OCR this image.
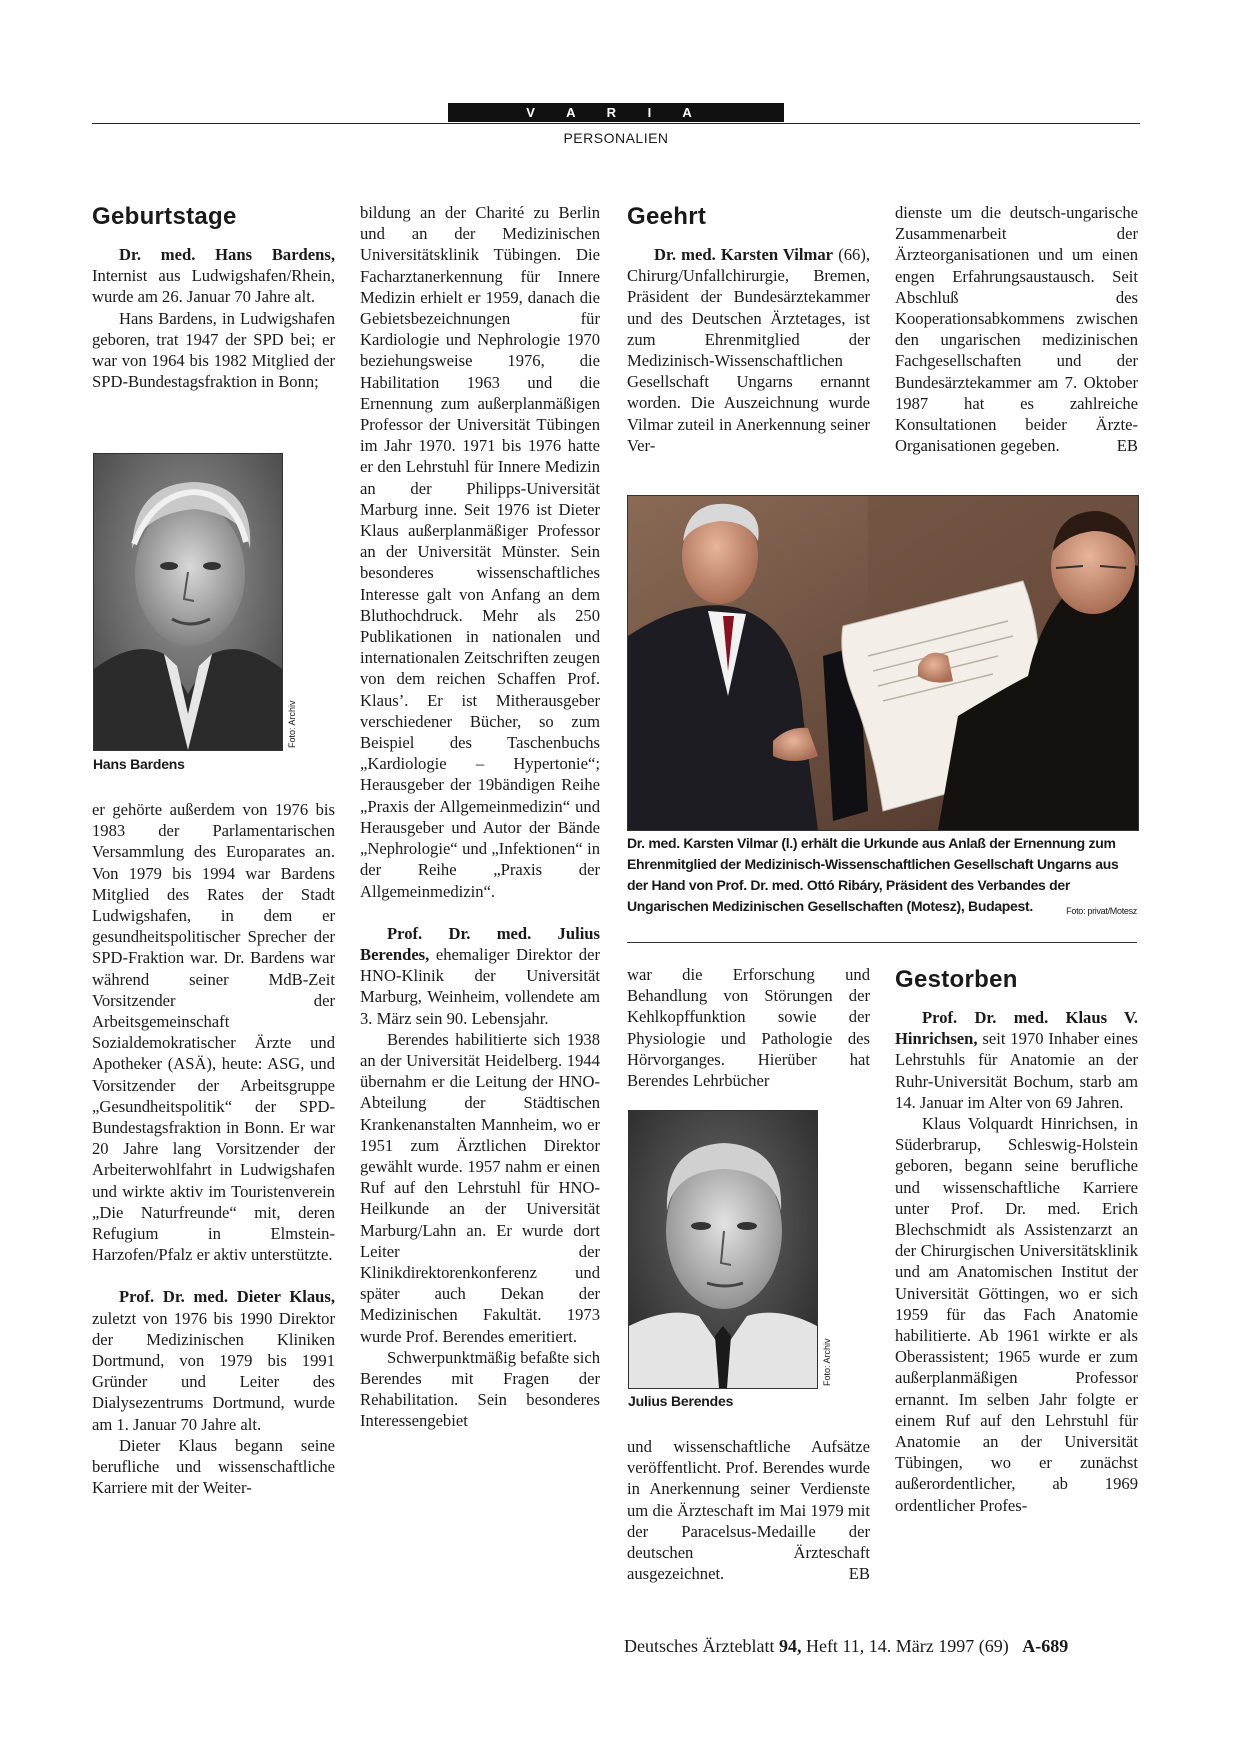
V A R I A
PERSONALIEN
Geburtstage

Dr. med. Hans Bardens, Internist aus Ludwigshafen/Rhein, wurde am 26. Januar 70 Jahre alt.

Hans Bardens, in Ludwigshafen geboren, trat 1947 der SPD bei; er war von 1964 bis 1982 Mitglied der SPD-Bundestagsfraktion in Bonn;

Foto: Archiv
Hans Bardens

er gehörte außerdem von 1976 bis 1983 der Parlamentarischen Versammlung des Europarates an. Von 1979 bis 1994 war Bardens Mitglied des Rates der Stadt Ludwigshafen, in dem er gesundheitspolitischer Sprecher der SPD-Fraktion war. Dr. Bardens war während seiner MdB-Zeit Vorsitzender der Arbeitsgemeinschaft Sozialdemokratischer Ärzte und Apotheker (ASÄ), heute: ASG, und Vorsitzender der Arbeitsgruppe „Gesundheitspolitik“ der SPD-Bundestagsfraktion in Bonn. Er war 20 Jahre lang Vorsitzender der Arbeiterwohlfahrt in Ludwigshafen und wirkte aktiv im Touristenverein „Die Naturfreunde“ mit, deren Refugium in Elmstein-Harzofen/Pfalz er aktiv unterstützte.

Prof. Dr. med. Dieter Klaus, zuletzt von 1976 bis 1990 Direktor der Medizinischen Kliniken Dortmund, von 1979 bis 1991 Gründer und Leiter des Dialysezentrums Dortmund, wurde am 1. Januar 70 Jahre alt.

Dieter Klaus begann seine berufliche und wissenschaftliche Karriere mit der Weiter-

bildung an der Charité zu Berlin und an der Medizinischen Universitätsklinik Tübingen. Die Facharztanerkennung für Innere Medizin erhielt er 1959, danach die Gebietsbezeichnungen für Kardiologie und Nephrologie 1970 beziehungsweise 1976, die Habilitation 1963 und die Ernennung zum außerplanmäßigen Professor der Universität Tübingen im Jahr 1970. 1971 bis 1976 hatte er den Lehrstuhl für Innere Medizin an der Philipps-Universität Marburg inne. Seit 1976 ist Dieter Klaus außerplanmäßiger Professor an der Universität Münster. Sein besonderes wissenschaftliches Interesse galt von Anfang an dem Bluthochdruck. Mehr als 250 Publikationen in nationalen und internationalen Zeitschriften zeugen von dem reichen Schaffen Prof. Klaus’. Er ist Mitherausgeber verschiedener Bücher, so zum Beispiel des Taschenbuchs „Kardiologie – Hypertonie“; Herausgeber der 19bändigen Reihe „Praxis der Allgemeinmedizin“ und Herausgeber und Autor der Bände „Nephrologie“ und „Infektionen“ in der Reihe „Praxis der Allgemeinmedizin“.

Prof. Dr. med. Julius Berendes, ehemaliger Direktor der HNO-Klinik der Universität Marburg, Weinheim, vollendete am 3. März sein 90. Lebensjahr.

Berendes habilitierte sich 1938 an der Universität Heidelberg. 1944 übernahm er die Leitung der HNO-Abteilung der Städtischen Krankenanstalten Mannheim, wo er 1951 zum Ärztlichen Direktor gewählt wurde. 1957 nahm er einen Ruf auf den Lehrstuhl für HNO-Heilkunde an der Universität Marburg/Lahn an. Er wurde dort Leiter der Klinikdirektorenkonferenz und später auch Dekan der Medizinischen Fakultät. 1973 wurde Prof. Berendes emeritiert.

Schwerpunktmäßig befaßte sich Berendes mit Fragen der Rehabilitation. Sein besonderes Interessengebiet

Geehrt

Dr. med. Karsten Vilmar (66), Chirurg/Unfallchirurgie, Bremen, Präsident der Bundesärztekammer und des Deutschen Ärztetages, ist zum Ehrenmitglied der Medizinisch-Wissenschaftlichen Gesellschaft Ungarns ernannt worden. Die Auszeichnung wurde Vilmar zuteil in Anerkennung seiner Ver-

dienste um die deutsch-ungarische Zusammenarbeit der Ärzteorganisationen und um einen engen Erfahrungsaustausch. Seit Abschluß des Kooperationsabkommens zwischen den ungarischen medizinischen Fachgesellschaften und der Bundesärztekammer am 7. Oktober 1987 hat es zahlreiche Konsultationen beider Ärzte-Organisationen gegeben.	EB

Dr. med. Karsten Vilmar (l.) erhält die Urkunde aus Anlaß der Ernennung zum Ehrenmitglied der Medizinisch-Wissenschaftlichen Gesellschaft Ungarns aus der Hand von Prof. Dr. med. Ottó Ribáry, Präsident des Verbandes der Ungarischen Medizinischen Gesellschaften (Motesz), Budapest.	Foto: privat/Motesz

war die Erforschung und Behandlung von Störungen der Kehlkopffunktion sowie der Physiologie und Pathologie des Hörvorganges. Hierüber hat Berendes Lehrbücher

Foto: Archiv
Julius Berendes

und wissenschaftliche Aufsätze veröffentlicht. Prof. Berendes wurde in Anerkennung seiner Verdienste um die Ärzteschaft im Mai 1979 mit der Paracelsus-Medaille der deutschen Ärzteschaft ausgezeichnet.	EB

Gestorben

Prof. Dr. med. Klaus V. Hinrichsen, seit 1970 Inhaber eines Lehrstuhls für Anatomie an der Ruhr-Universität Bochum, starb am 14. Januar im Alter von 69 Jahren.

Klaus Volquardt Hinrichsen, in Süderbrarup, Schleswig-Holstein geboren, begann seine berufliche und wissenschaftliche Karriere unter Prof. Dr. med. Erich Blechschmidt als Assistenzarzt an der Chirurgischen Universitätsklinik und am Anatomischen Institut der Universität Göttingen, wo er sich 1959 für das Fach Anatomie habilitierte. Ab 1961 wirkte er als Oberassistent; 1965 wurde er zum außerplanmäßigen Professor ernannt. Im selben Jahr folgte er einem Ruf auf den Lehrstuhl für Anatomie an der Universität Tübingen, wo er zunächst außerordentlicher, ab 1969 ordentlicher Profes-

Deutsches Ärzteblatt 94, Heft 11, 14. März 1997 (69) A-689
